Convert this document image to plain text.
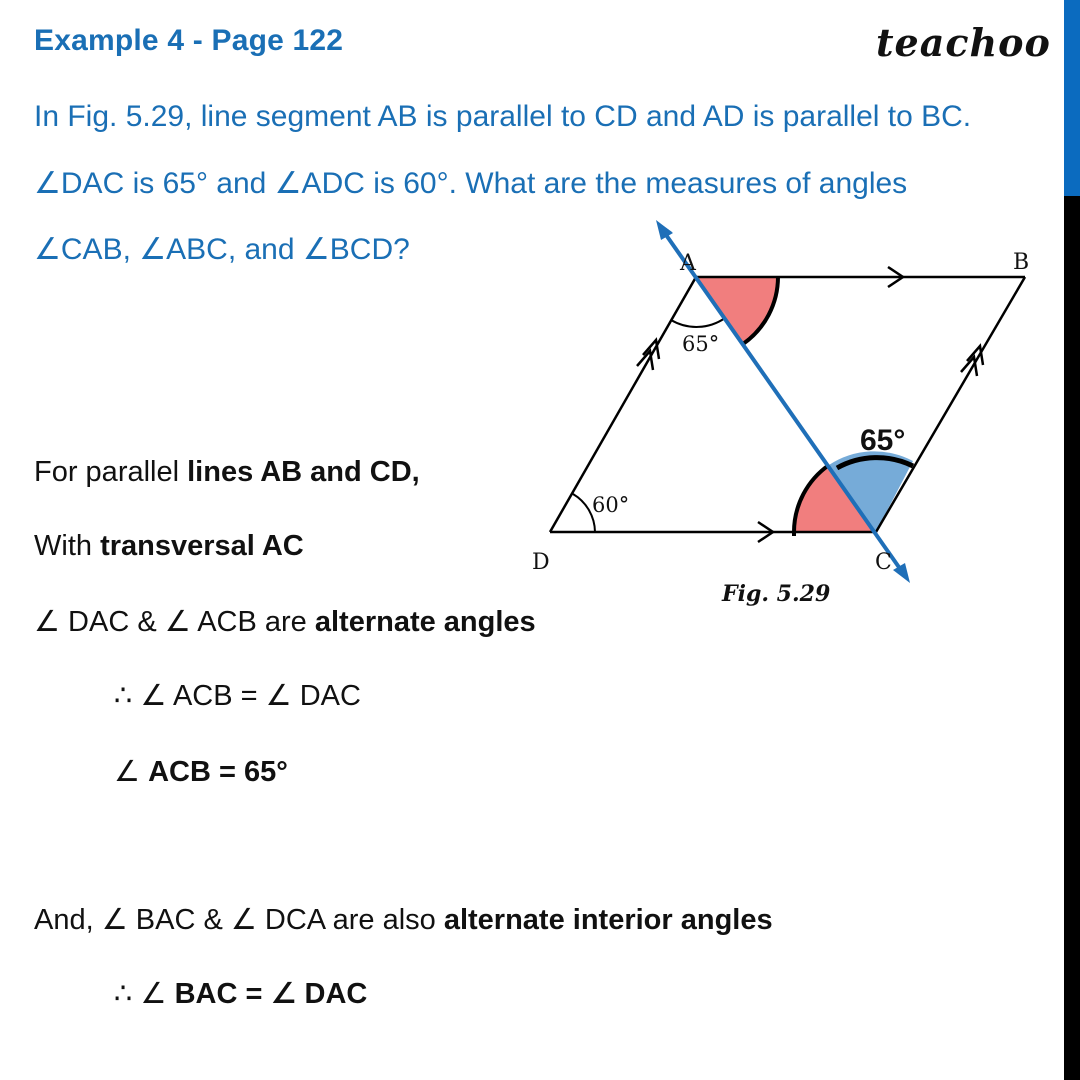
Example 4 - Page 122	teachoo
In Fig. 5.29, line segment AB is parallel to CD and AD is parallel to BC.
∠DAC is 65° and ∠ADC is 60°. What are the measures of angles
∠CAB, ∠ABC, and ∠BCD?	A	B
D	C
65°
60°
65°
Fig. 5.29
For parallel lines AB and CD,
With transversal AC
∠ DAC & ∠ ACB are alternate angles
∴ ∠ ACB = ∠ DAC
∠ ACB = 65°
And, ∠ BAC & ∠ DCA are also alternate interior angles
∴ ∠ BAC = ∠ DAC
